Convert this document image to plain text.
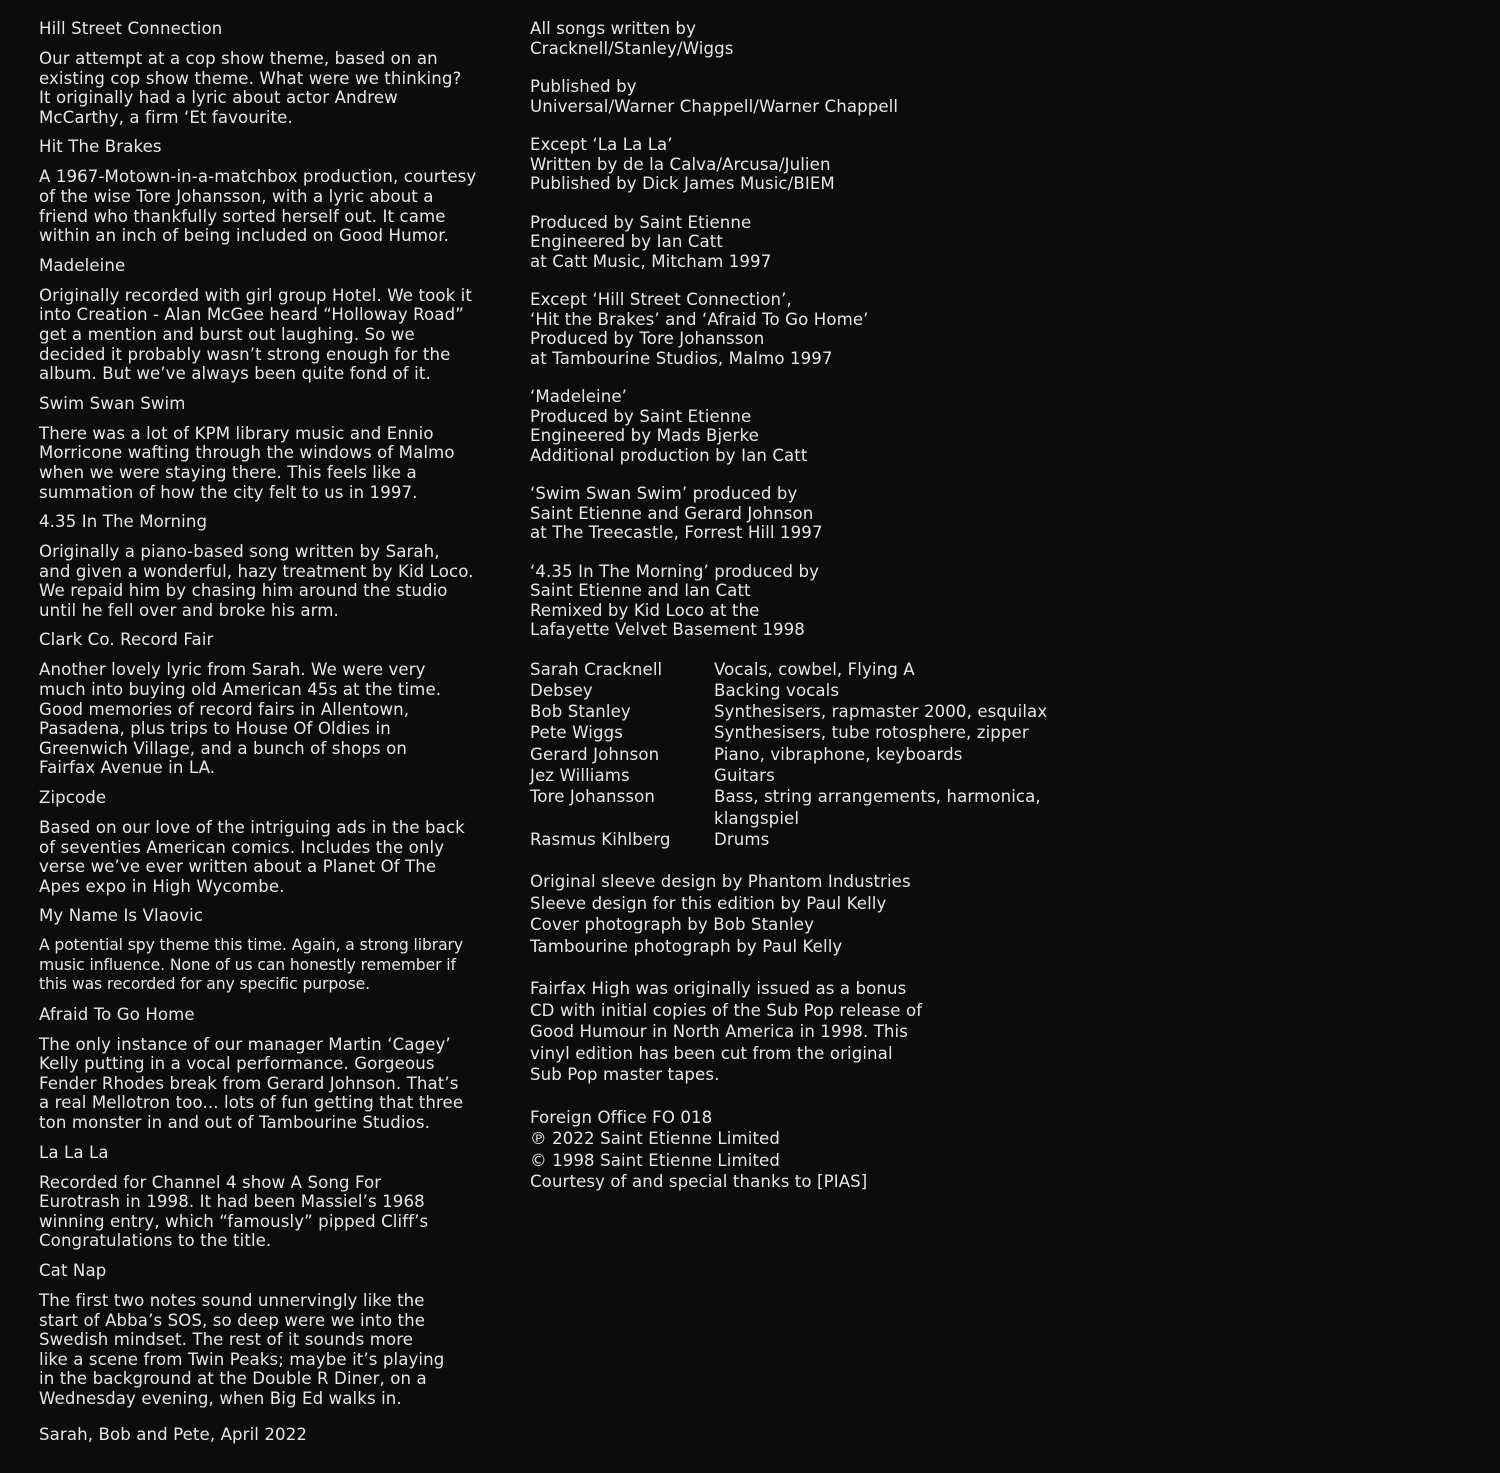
Hill Street Connection
Our attempt at a cop show theme, based on an
existing cop show theme. What were we thinking?
It originally had a lyric about actor Andrew
McCarthy, a firm ‘Et favourite.
Hit The Brakes
A 1967-Motown-in-a-matchbox production, courtesy
of the wise Tore Johansson, with a lyric about a
friend who thankfully sorted herself out. It came
within an inch of being included on Good Humor.
Madeleine
Originally recorded with girl group Hotel. We took it
into Creation - Alan McGee heard “Holloway Road”
get a mention and burst out laughing. So we
decided it probably wasn’t strong enough for the
album. But we’ve always been quite fond of it.
Swim Swan Swim
There was a lot of KPM library music and Ennio
Morricone wafting through the windows of Malmo
when we were staying there. This feels like a
summation of how the city felt to us in 1997.
4.35 In The Morning
Originally a piano-based song written by Sarah,
and given a wonderful, hazy treatment by Kid Loco.
We repaid him by chasing him around the studio
until he fell over and broke his arm.
Clark Co. Record Fair
Another lovely lyric from Sarah. We were very
much into buying old American 45s at the time.
Good memories of record fairs in Allentown,
Pasadena, plus trips to House Of Oldies in
Greenwich Village, and a bunch of shops on
Fairfax Avenue in LA.
Zipcode
Based on our love of the intriguing ads in the back
of seventies American comics. Includes the only
verse we’ve ever written about a Planet Of The
Apes expo in High Wycombe.
My Name Is Vlaovic
A potential spy theme this time. Again, a strong library
music influence. None of us can honestly remember if
this was recorded for any specific purpose.
Afraid To Go Home
The only instance of our manager Martin ‘Cagey’
Kelly putting in a vocal performance. Gorgeous
Fender Rhodes break from Gerard Johnson. That’s
a real Mellotron too... lots of fun getting that three
ton monster in and out of Tambourine Studios.
La La La
Recorded for Channel 4 show A Song For
Eurotrash in 1998. It had been Massiel’s 1968
winning entry, which “famously” pipped Cliff’s
Congratulations to the title.
Cat Nap
The first two notes sound unnervingly like the
start of Abba’s SOS, so deep were we into the
Swedish mindset. The rest of it sounds more
like a scene from Twin Peaks; maybe it’s playing
in the background at the Double R Diner, on a
Wednesday evening, when Big Ed walks in.
Sarah, Bob and Pete, April 2022
All songs written by
Cracknell/Stanley/Wiggs
Published by
Universal/Warner Chappell/Warner Chappell
Except ‘La La La’
Written by de la Calva/Arcusa/Julien
Published by Dick James Music/BIEM
Produced by Saint Etienne
Engineered by Ian Catt
at Catt Music, Mitcham 1997
Except ‘Hill Street Connection’,
‘Hit the Brakes’ and ‘Afraid To Go Home’
Produced by Tore Johansson
at Tambourine Studios, Malmo 1997
‘Madeleine’
Produced by Saint Etienne
Engineered by Mads Bjerke
Additional production by Ian Catt
‘Swim Swan Swim’ produced by
Saint Etienne and Gerard Johnson
at The Treecastle, Forrest Hill 1997
‘4.35 In The Morning’ produced by
Saint Etienne and Ian Catt
Remixed by Kid Loco at the
Lafayette Velvet Basement 1998
Sarah Cracknell	Vocals, cowbel, Flying A
Debsey	Backing vocals
Bob Stanley	Synthesisers, rapmaster 2000, esquilax
Pete Wiggs	Synthesisers, tube rotosphere, zipper
Gerard Johnson	Piano, vibraphone, keyboards
Jez Williams	Guitars
Tore Johansson	Bass, string arrangements, harmonica, klangspiel
Rasmus Kihlberg	Drums
Original sleeve design by Phantom Industries
Sleeve design for this edition by Paul Kelly
Cover photograph by Bob Stanley
Tambourine photograph by Paul Kelly
Fairfax High was originally issued as a bonus
CD with initial copies of the Sub Pop release of
Good Humour in North America in 1998. This
vinyl edition has been cut from the original
Sub Pop master tapes.
Foreign Office FO 018
℗ 2022 Saint Etienne Limited
© 1998 Saint Etienne Limited
Courtesy of and special thanks to [PIAS]
